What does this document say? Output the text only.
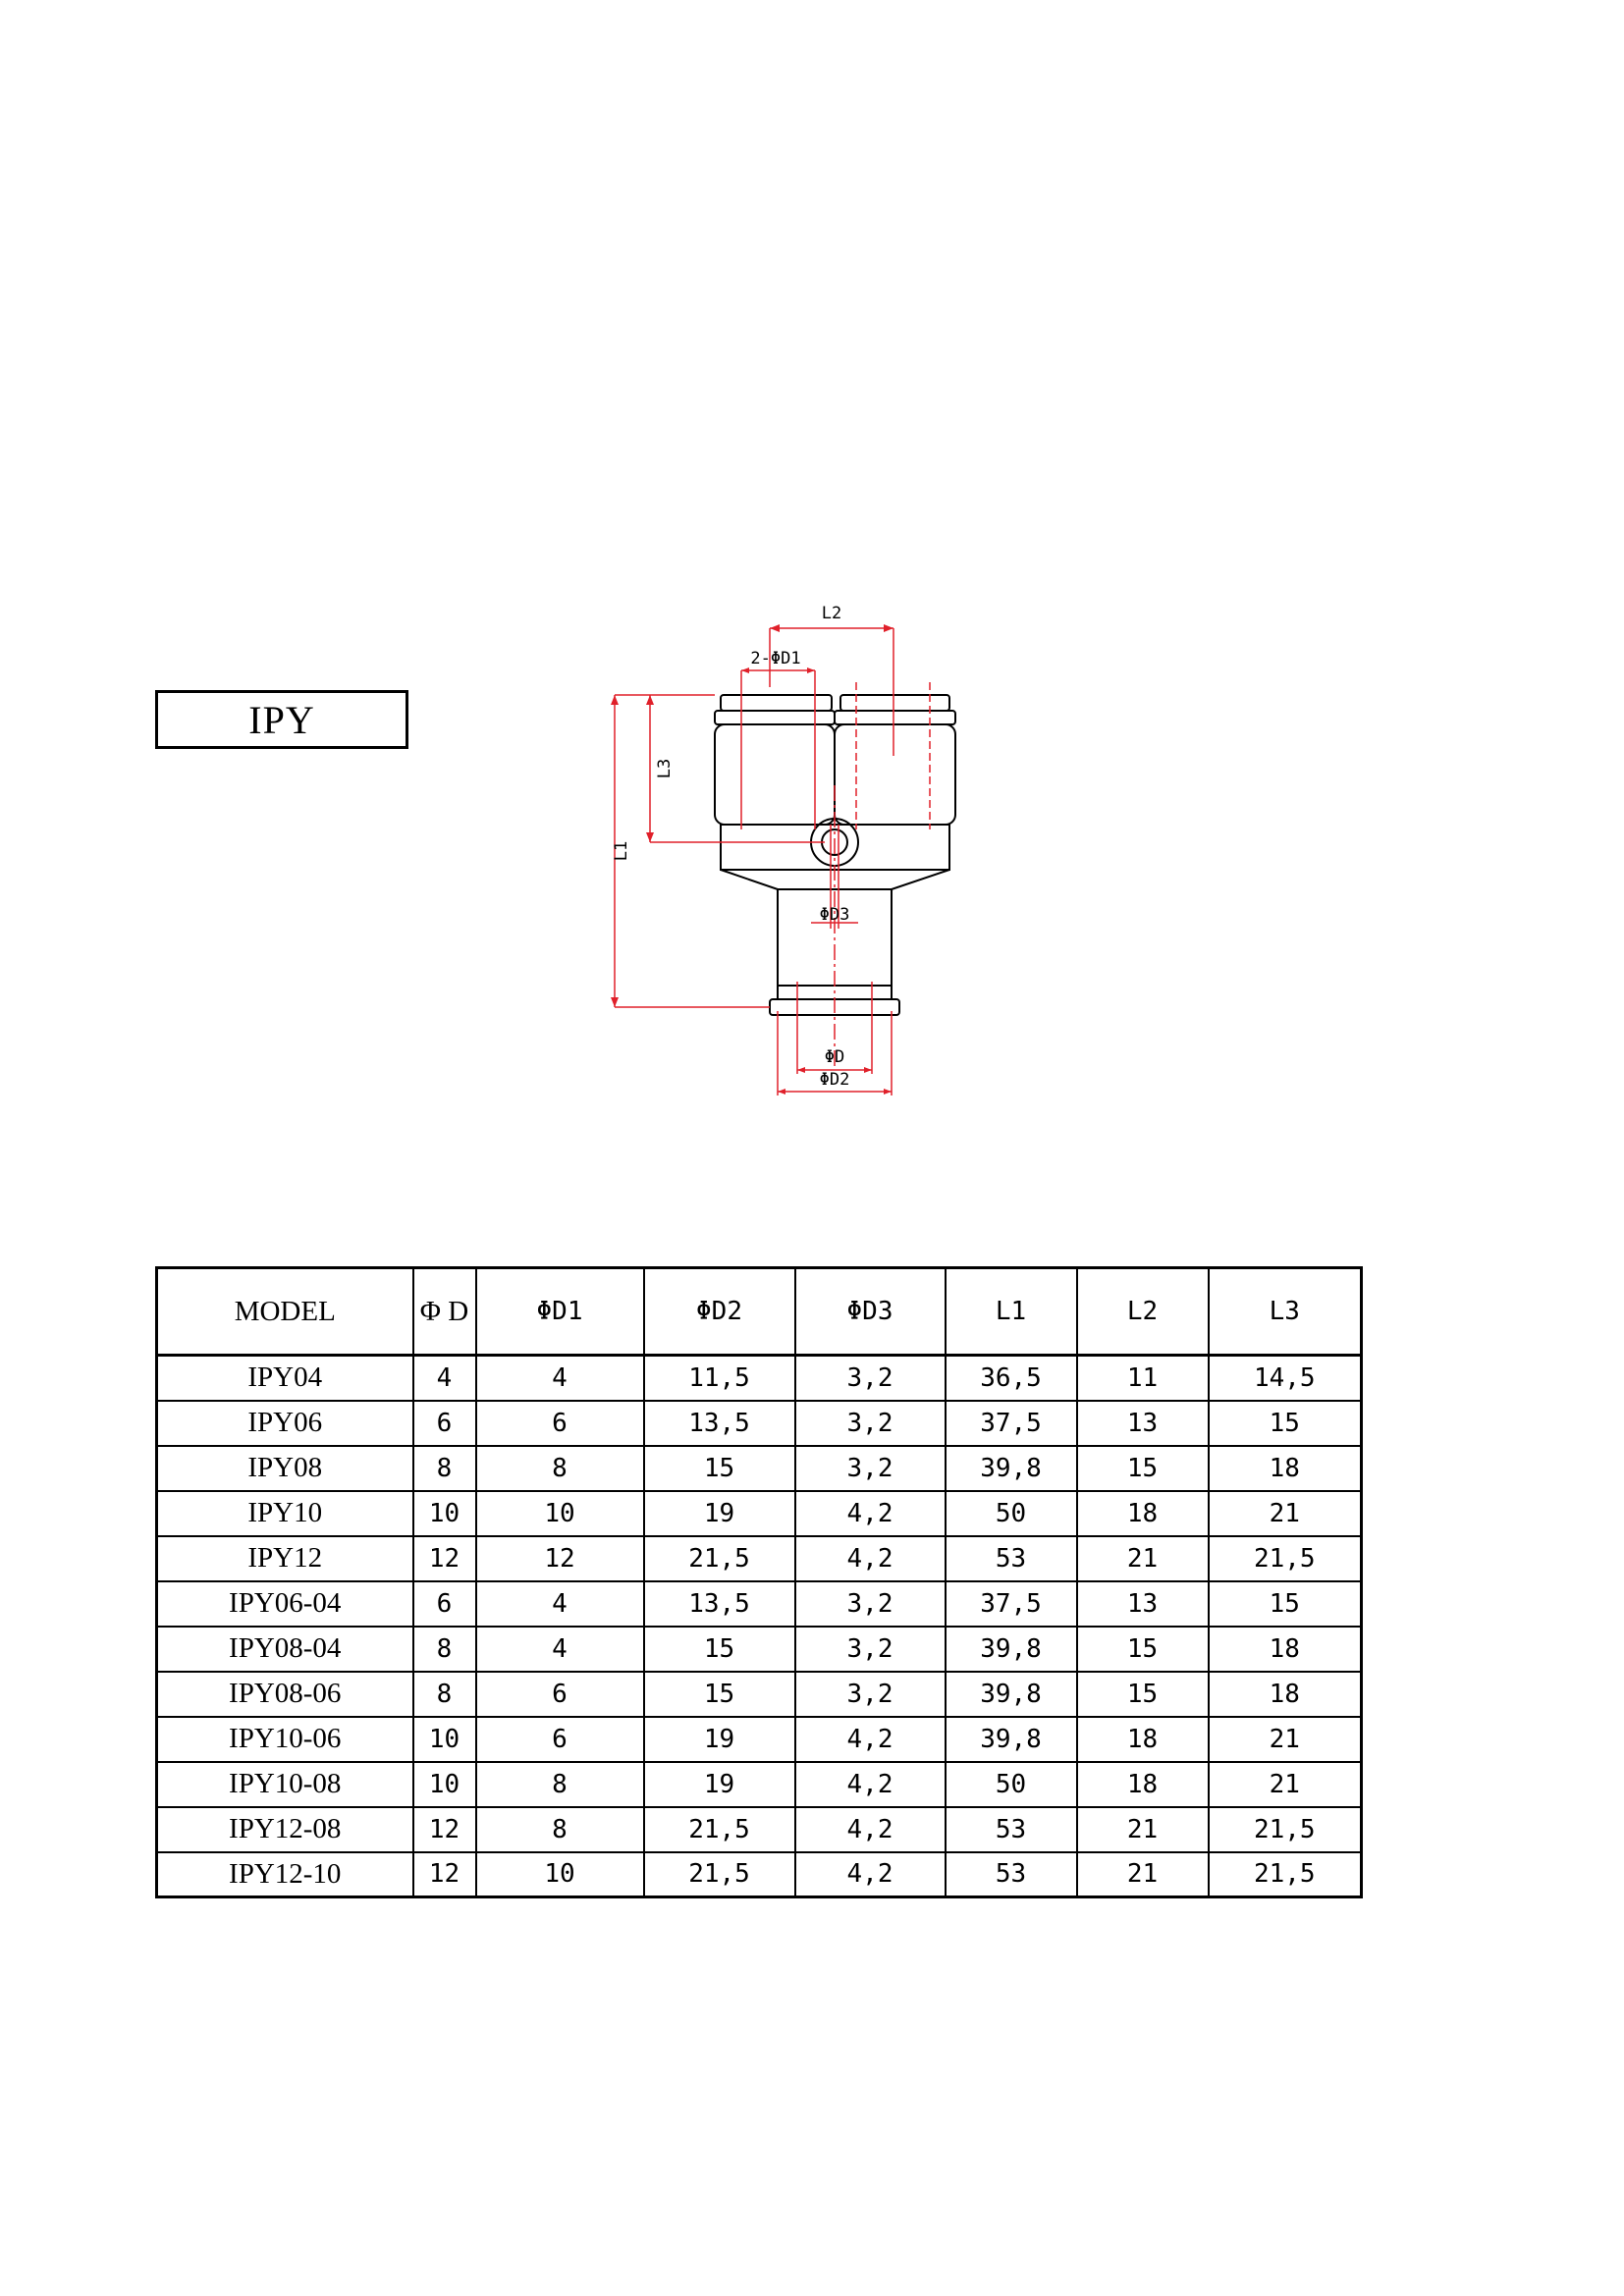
IPY
L2
2-ΦD1
L3
L1
ΦD3
ΦD
ΦD2
MODEL	Φ D	ΦD1	ΦD2	ΦD3	L1	L2	L3
IPY04	4	4	11,5	3,2	36,5	11	14,5
IPY06	6	6	13,5	3,2	37,5	13	15
IPY08	8	8	15	3,2	39,8	15	18
IPY10	10	10	19	4,2	50	18	21
IPY12	12	12	21,5	4,2	53	21	21,5
IPY06-04	6	4	13,5	3,2	37,5	13	15
IPY08-04	8	4	15	3,2	39,8	15	18
IPY08-06	8	6	15	3,2	39,8	15	18
IPY10-06	10	6	19	4,2	39,8	18	21
IPY10-08	10	8	19	4,2	50	18	21
IPY12-08	12	8	21,5	4,2	53	21	21,5
IPY12-10	12	10	21,5	4,2	53	21	21,5
